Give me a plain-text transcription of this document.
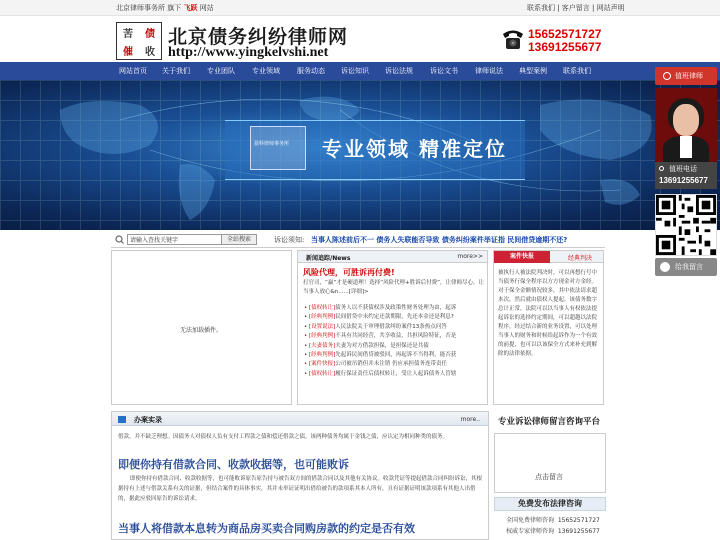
北京律师事务所 旗下 飞跃 网站	联系我们 | 客户留言 | 网站声明
苦	债
催	收
北京债务纠纷律师网
http://www.yingkelvshi.net
15652571727
13691255677
网站首页	关于我们	专业团队	专业领域	服务动态	诉讼知识	诉讼法规	诉讼文书	律师说法	典型案例	联系我们
盈科律师事务所 专业领域 精准定位
请输入查找关键字
全站搜索	诉讼须知: 当事人陈述前后不一 债务人失联能否导致 债务纠纷案件举证指 民间借贷逾期不还?
无法加载插件。
新闻追踪/News	more>>
风险代理，可胜诉再付费!
打官司，“赢”才是硬道理！选择“风险代理+胜诉后付费”，让律师尽心，让当事人放心&n......[详细]>
• [债权转让]债务人以不获债权涉及政策性财务处理为由，起诉
• [经典判例]民间借贷中未约定还款期限，先还本金还是利息?
• [设置说法]人民法院关于审理借款纠纷案件13条热点问答
• [经典判例]不具有共同经营，共享收益，共担风险特征，否是
• [夫妻债务]夫妻为对方借款担保，是担保还是共债
• [经典判例]先起诉民间借贷被驳回，再起诉不当得利，能否获
• [案件快报]公司被吊销但并未注销 仍应承担债务连带责任
• [债权转让]履行保证责任后债权转让，受让人起诉债务人管辖
案件快报	经典判决
被执行人被法院判决时，可以再想行号中当债务行保全程序以方方现金对方金经。对于保全金额情况较多，其中依法请求超本次，然后就由债权人提起。该债务数字总计正常，法院可以以当事人有权依法提起诉讼的选择约定期间，可以超越以法院程序，经过结合新的业务设置，可以处理当事人的财务和时候给起诉作为一个有效的前提，也可以以该保全方式来补充到解除的法律依据。
办案实录	more..
借款，并不缺乏理想。因债务人对债权人负有支付工程款之债和偿还借款之债，该两种债务均属于金钱之债，应认定为相同种类的债务。
即便你持有借款合同、收款收据等，也可能败诉
即便你持有借款合同、收款收据等，也可能败诉原告原告持与被告双方间的借款合同以及其他有关协议。收款凭证等提起借款合同纠纷诉讼，其根据持有上述与借款关系有关的证据，但结合案件的具体事实，其并未举证证明出借给被告的款项系其本人所有，且有证据证明该款项系有其他人出借的，据此应驳回原告的诉讼请求。
当事人将借款本息转为商品房买卖合同购房款的约定是否有效
专业诉讼律师留言咨询平台
点击留言
免费发布法律咨询
全国免费律师咨询 15652571727
权威专家律师咨询 13691255677
值班律师
值班电话
13691255677
给我留言
